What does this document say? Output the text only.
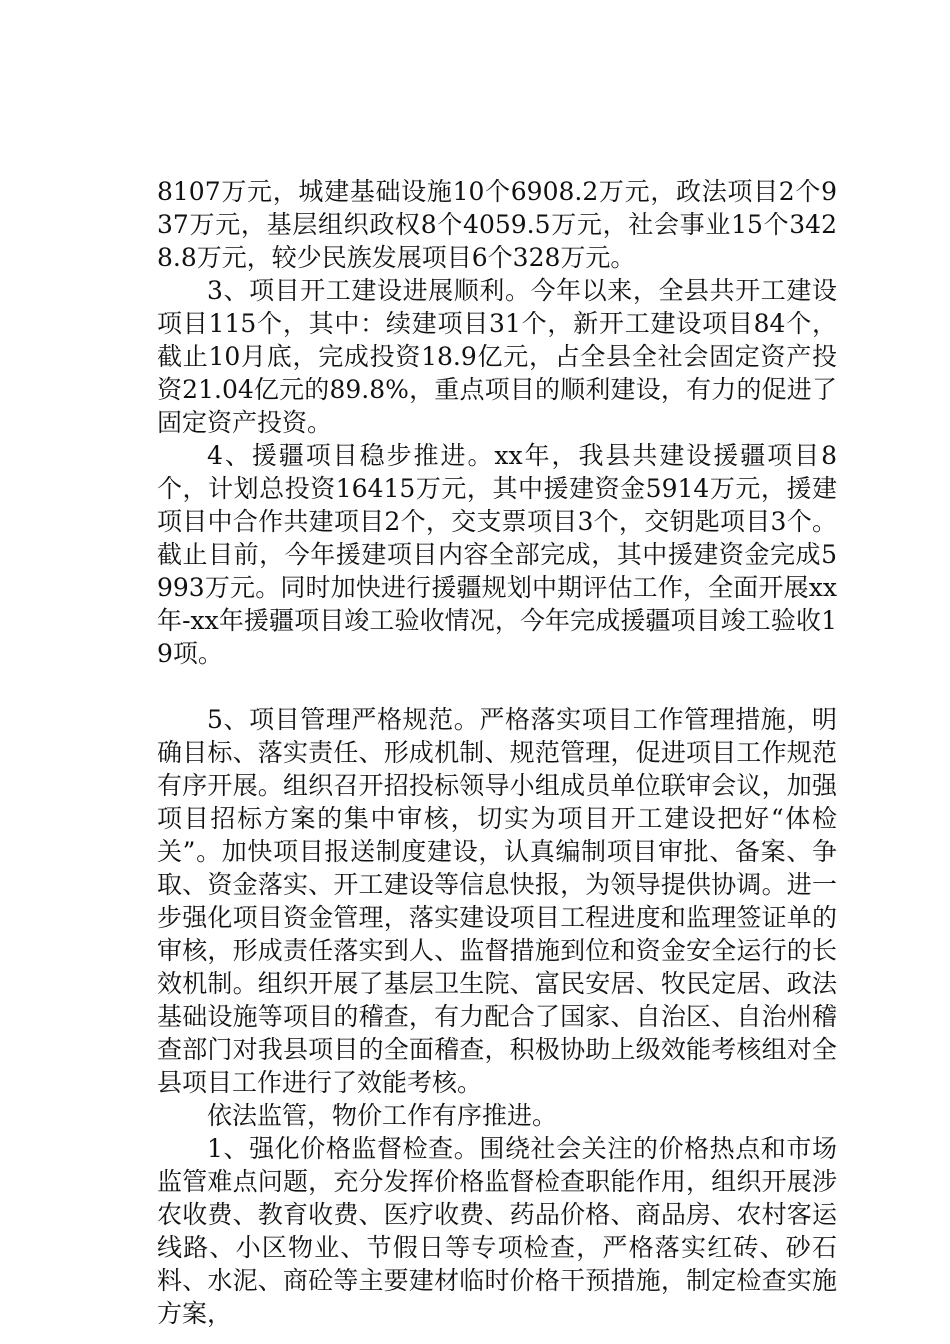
8107万元，城建基础设施10个6908.2万元，政法项目2个937万元，基层组织政权8个4059.5万元，社会事业15个3428.8万元，较少民族发展项目6个328万元。

3、项目开工建设进展顺利。今年以来，全县共开工建设项目115个，其中：续建项目31个，新开工建设项目84个，截止10月底，完成投资18.9亿元，占全县全社会固定资产投资21.04亿元的89.8%，重点项目的顺利建设，有力的促进了固定资产投资。

4、援疆项目稳步推进。xx年，我县共建设援疆项目8个，计划总投资16415万元，其中援建资金5914万元，援建项目中合作共建项目2个，交支票项目3个，交钥匙项目3个。截止目前，今年援建项目内容全部完成，其中援建资金完成5993万元。同时加快进行援疆规划中期评估工作，全面开展xx年-xx年援疆项目竣工验收情况，今年完成援疆项目竣工验收19项。

5、项目管理严格规范。严格落实项目工作管理措施，明确目标、落实责任、形成机制、规范管理，促进项目工作规范有序开展。组织召开招投标领导小组成员单位联审会议，加强项目招标方案的集中审核，切实为项目开工建设把好“体检关”。加快项目报送制度建设，认真编制项目审批、备案、争取、资金落实、开工建设等信息快报，为领导提供协调。进一步强化项目资金管理，落实建设项目工程进度和监理签证单的审核，形成责任落实到人、监督措施到位和资金安全运行的长效机制。组织开展了基层卫生院、富民安居、牧民定居、政法基础设施等项目的稽查，有力配合了国家、自治区、自治州稽查部门对我县项目的全面稽查，积极协助上级效能考核组对全县项目工作进行了效能考核。

依法监管，物价工作有序推进。

1、强化价格监督检查。围绕社会关注的价格热点和市场监管难点问题，充分发挥价格监督检查职能作用，组织开展涉农收费、教育收费、医疗收费、药品价格、商品房、农村客运线路、小区物业、节假日等专项检查，严格落实红砖、砂石料、水泥、商砼等主要建材临时价格干预措施，制定检查实施方案，
